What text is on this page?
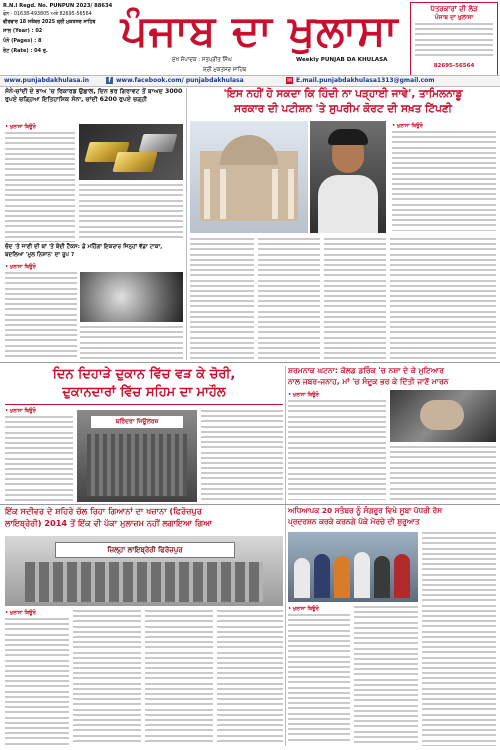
R.N.I Regd. No. PUNPUN 2023/ 88634
ਫੋਨ - 01638-493805 ਅਤੇ 82695-56564
ਵੀਰਵਾਰ 18 ਸਤੰਬਰ 2025 ਸ਼੍ਰੀ ਮੁਕਤਸਰ ਸਾਹਿਬ
ਸਾਲ (Year) : 02
ਪੰਨੇ (Pages) : 8
ਰੇਟ (Rate) : 04 ਰੁ. ਪੰਜਾਬ ਦਾ ਖੁਲਾਸਾ
ਮੁੱਖ ਸੰਪਾਦਕ : ਸਤਪ੍ਰੀਤ ਸਿੰਘ	Weekly PUNJAB DA KHULASA
ਸ਼੍ਰੀ ਮੁਕਤਸਰ ਸਾਹਿਬ
ਪੱਤਰਕਾਰਾਂ ਦੀ ਲੋੜ
ਪੰਜਾਬ ਦਾ ਖੁਲਾਸਾ
82695-56564
www.punjabdakhulasa.in	f www.facebook.com/ punjabdakhulasa	✉ E.mail.punjabdakhulasa1313@gmail.com
ਸੋਨੇ-ਚਾਂਦੀ ਦੇ ਭਾਅ 'ਚ ਰਿਕਾਰਡ ਉਛਾਲ, ਦਿਨ ਭਰ ਗਿਰਾਵਟ ਤੋਂ ਬਾਅਦ 3000 ਰੁਪਏ ਚੜ੍ਹਿਆ ਇਤਿਹਾਸਿਕ ਸੋਨਾ, ਚਾਂਦੀ 6200 ਰੁਪਏ ਚੜ੍ਹੀ
• ਖੁਲਾਸਾ ਬਿਊਰੋ
ਚੰਦ 'ਤੇ ਜਾਣੀ ਦੀ ਥਾਂ 'ਤੇ ਬੰਦੀ ਟੈਕਸ: ਡੇ ਮਹਿੰਗਾ ਇਕਰਾਰ ਜਿਨ੍ਹਾਂ ਵੱਡਾ ਟਾਕਾ, ਬਦਲਿਆ 'ਮੂਲ ਨਿਸ਼ਾਨ' ਦਾ ਰੂਪ ?
• ਖੁਲਾਸਾ ਬਿਊਰੋ
'ਇਸ ਨਹੀਂ ਹੋ ਸਕਦਾ ਕਿ ਹਿੰਦੀ ਨਾ ਪੜ੍ਹਾਈ ਜਾਵੇ', ਤਾਮਿਲਨਾਡੂ
ਸਰਕਾਰ ਦੀ ਪਟੀਸ਼ਨ 'ਤੇ ਸੁਪਰੀਮ ਕੋਰਟ ਦੀ ਸਖ਼ਤ ਟਿੱਪਣੀ
• ਖੁਲਾਸਾ ਬਿਊਰੋ
ਦਿਨ ਦਿਹਾੜੇ ਦੁਕਾਨ ਵਿੱਚ ਵੜ ਕੇ ਚੋਰੀ,
ਦੁਕਾਨਦਾਰਾਂ ਵਿੱਚ ਸਹਿਮ ਦਾ ਮਾਹੌਲ
• ਖੁਲਾਸਾ ਬਿਊਰੋ
ਬਰਿੰਦਰਾ ਜਿਊਲਰਜ਼
ਸ਼ਰਮਨਾਕ ਘਟਨਾ: ਕੋਲਡ ਡਰਿੰਕ 'ਚ ਨਸ਼ਾ ਦੇ ਕੇ ਮੁਟਿਆਰ
ਨਾਲ ਜਬਰ-ਜਨਾਹ, ਮਾਂ 'ਚ ਸੰਦੂਕ ਭਰ ਕੇ ਦਿੱਤੀ ਜਾਣੋਂ ਮਾਰਨ
• ਖੁਲਾਸਾ ਬਿਊਰੋ
ਇੱਕ ਸਦੀਵਰ ਦੇ ਸ਼ਹਿਰੇ ਚੱਲ ਰਿਹਾ ਗਿਆਨਾਂ ਦਾ ਖਜ਼ਾਨਾ (ਫਿਰੋਜ਼ਪੁਰ
ਲਾਇਬ੍ਰੇਰੀ) 2014 ਤੋਂ ਇੱਕ ਵੀ ਪੱਕਾ ਮੁਲਾਜ਼ਮ ਨਹੀਂ ਲਗਾਇਆ ਗਿਆ
ਜ਼ਿਲ੍ਹਾ ਲਾਇਬ੍ਰੇਰੀ ਫਿਰੋਜ਼ਪੁਰ
• ਖੁਲਾਸਾ ਬਿਊਰੋ
ਅਧਿਆਪਕ 20 ਸਤੰਬਰ ਨੂੰ ਸੰਗਰੂਰ ਵਿਖੇ ਸੂਬਾ ਪੱਧਰੀ ਰੋਸ
ਪ੍ਰਦਰਸ਼ਨ ਕਰਕੇ ਕਰਨਗੇ ਪੱਕੇ ਮੋਰਚੇ ਦੀ ਸ਼ੁਰੂਆਤ
• ਖੁਲਾਸਾ ਬਿਊਰੋ
